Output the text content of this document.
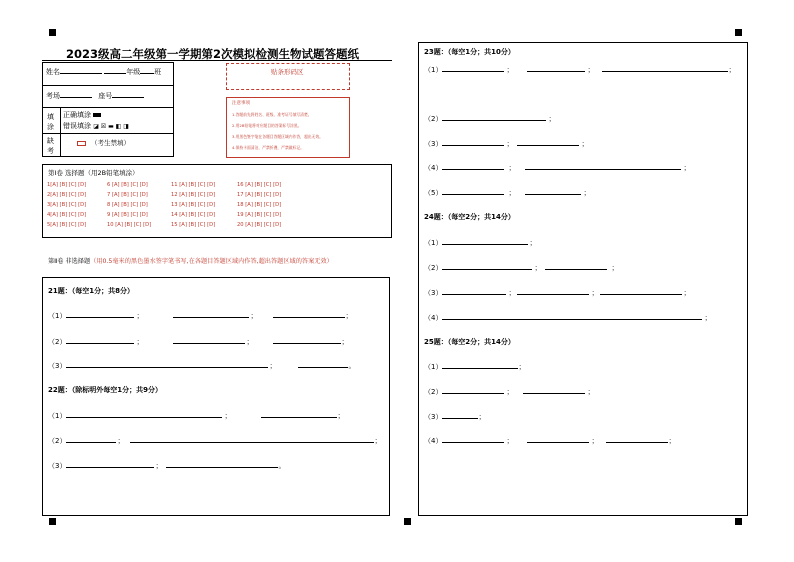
2023级高二年级第一学期第2次模拟检测生物试题答题纸
姓名	年级 班
考场	座号
填涂
正确填涂
错误填涂 ◪ ☒ ▬ ◧ ◨
缺考
（考生禁填）
贴条形码区
注意事项
1.答题前先将姓名、班级、准考证号填写清楚。
2.用2B铅笔将对应题目的答案标号涂黑。
3.用黑色签字笔在各题目答题区域内作答，超出无效。
4.保持卡面清洁，严禁折叠，严禁做标记。
第Ⅰ卷 选择题（用2B铅笔填涂）
1[A] [B] [C] [D]	6 [A] [B] [C] [D]	11 [A] [B] [C] [D]	16 [A] [B] [C] [D]
2[A] [B] [C] [D]	7 [A] [B] [C] [D]	12 [A] [B] [C] [D]	17 [A] [B] [C] [D]
3[A] [B] [C] [D]	8 [A] [B] [C] [D]	13 [A] [B] [C] [D]	18 [A] [B] [C] [D]
4[A] [B] [C] [D]	9 [A] [B] [C] [D]	14 [A] [B] [C] [D]	19 [A] [B] [C] [D]
5[A] [B] [C] [D]	10 [A] [B] [C] [D]	15 [A] [B] [C] [D]	20 [A] [B] [C] [D]
第Ⅱ卷 非选择题（用0.5毫米的黑色墨水签字笔书写,在各题目答题区域内作答,超出答题区域的答案无效）
21题：（每空1分；共8分）
（1）	；	；	；
（2）	；	；	；
（3）	；	。
22题：（除标明外每空1分；共9分）
（1）	；	；
（2）	；	；
（3）	；	。
23题：（每空1分；共10分）
（1）	；	；	；
（2）	；
（3）	；	；
（4）	；	；
（5）	；	；
24题：（每空2分；共14分）
（1）	；
（2）	；	；
（3）	；	；	；
（4）	；
25题：（每空2分；共14分）
（1）	；
（2）	；	；
（3）	；
（4）	；	；	；
